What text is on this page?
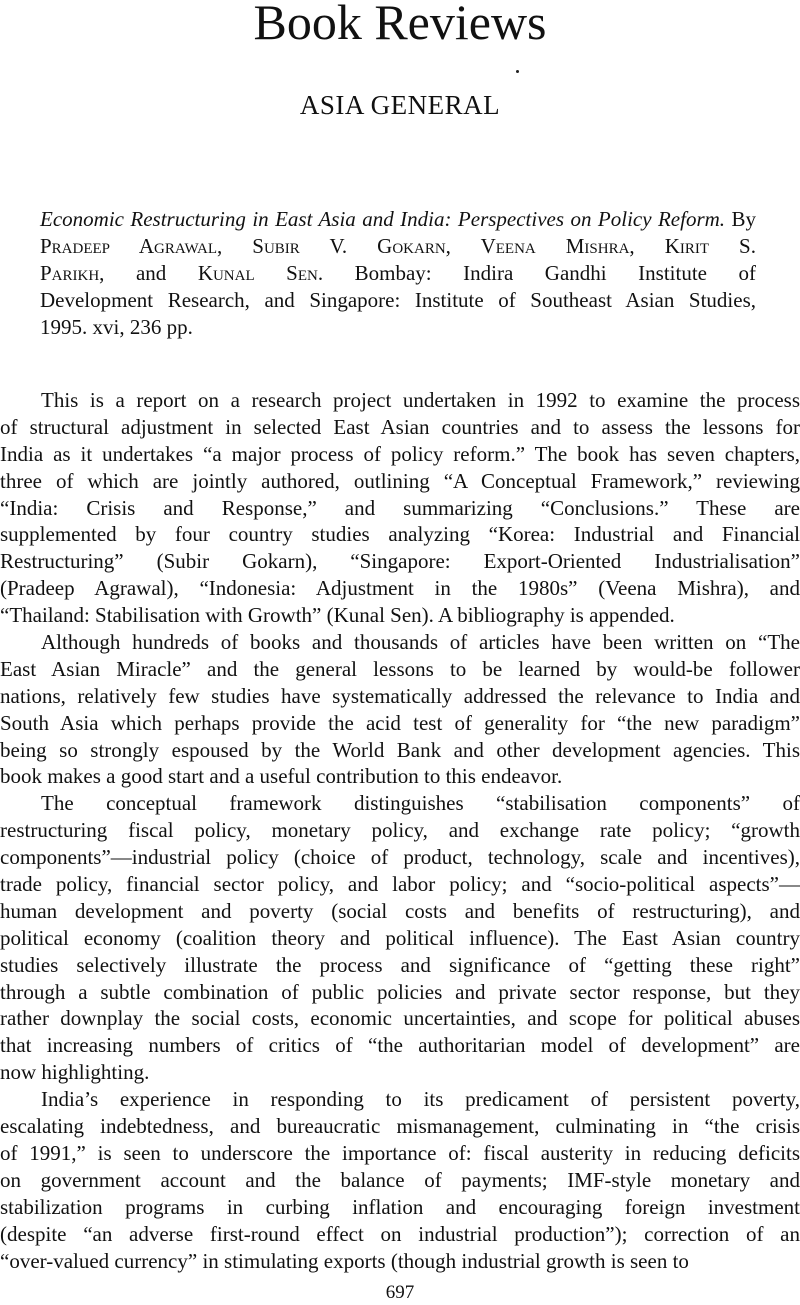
Book Reviews
ASIA GENERAL
Economic Restructuring in East Asia and India: Perspectives on Policy Reform. By
Pradeep Agrawal, Subir V. Gokarn, Veena Mishra, Kirit S.
Parikh, and Kunal Sen. Bombay: Indira Gandhi Institute of
Development Research, and Singapore: Institute of Southeast Asian Studies,
1995. xvi, 236 pp.
This is a report on a research project undertaken in 1992 to examine the process
of structural adjustment in selected East Asian countries and to assess the lessons for
India as it undertakes “a major process of policy reform.” The book has seven chapters,
three of which are jointly authored, outlining “A Conceptual Framework,” reviewing
“India: Crisis and Response,” and summarizing “Conclusions.” These are
supplemented by four country studies analyzing “Korea: Industrial and Financial
Restructuring” (Subir Gokarn), “Singapore: Export-Oriented Industrialisation”
(Pradeep Agrawal), “Indonesia: Adjustment in the 1980s” (Veena Mishra), and
“Thailand: Stabilisation with Growth” (Kunal Sen). A bibliography is appended.
Although hundreds of books and thousands of articles have been written on “The
East Asian Miracle” and the general lessons to be learned by would-be follower
nations, relatively few studies have systematically addressed the relevance to India and
South Asia which perhaps provide the acid test of generality for “the new paradigm”
being so strongly espoused by the World Bank and other development agencies. This
book makes a good start and a useful contribution to this endeavor.
The conceptual framework distinguishes “stabilisation components” of
restructuring fiscal policy, monetary policy, and exchange rate policy; “growth
components”—industrial policy (choice of product, technology, scale and incentives),
trade policy, financial sector policy, and labor policy; and “socio-political aspects”—
human development and poverty (social costs and benefits of restructuring), and
political economy (coalition theory and political influence). The East Asian country
studies selectively illustrate the process and significance of “getting these right”
through a subtle combination of public policies and private sector response, but they
rather downplay the social costs, economic uncertainties, and scope for political abuses
that increasing numbers of critics of “the authoritarian model of development” are
now highlighting.
India’s experience in responding to its predicament of persistent poverty,
escalating indebtedness, and bureaucratic mismanagement, culminating in “the crisis
of 1991,” is seen to underscore the importance of: fiscal austerity in reducing deficits
on government account and the balance of payments; IMF-style monetary and
stabilization programs in curbing inflation and encouraging foreign investment
(despite “an adverse first-round effect on industrial production”); correction of an
“over-valued currency” in stimulating exports (though industrial growth is seen to
697
